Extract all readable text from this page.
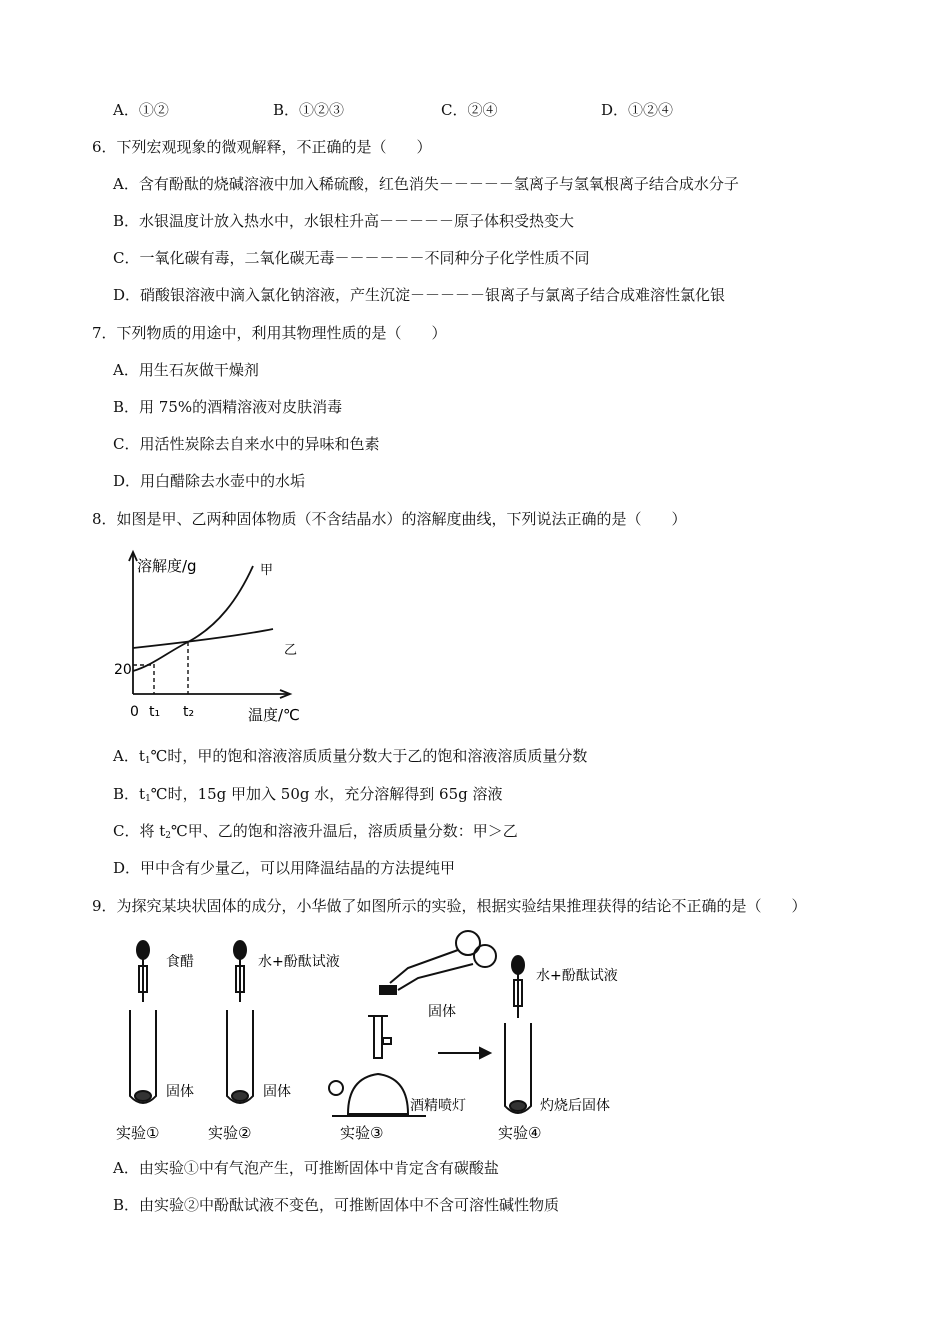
A．①②	B．①②③	C．②④	D．①②④
6．下列宏观现象的微观解释，不正确的是（　　）
A．含有酚酞的烧碱溶液中加入稀硫酸，红色消失－－－－－氢离子与氢氧根离子结合成水分子
B．水银温度计放入热水中，水银柱升高－－－－－原子体积受热变大
C．一氧化碳有毒，二氧化碳无毒－－－－－－不同种分子化学性质不同
D．硝酸银溶液中滴入氯化钠溶液，产生沉淀－－－－－银离子与氯离子结合成难溶性氯化银
7．下列物质的用途中，利用其物理性质的是（　　）
A．用生石灰做干燥剂
B．用 75%的酒精溶液对皮肤消毒
C．用活性炭除去自来水中的异味和色素
D．用白醋除去水壶中的水垢
8．如图是甲、乙两种固体物质（不含结晶水）的溶解度曲线，下列说法正确的是（　　）
溶解度/g	甲
乙
20
0 t₁ t₂	温度/℃
A．$t_1℃$时，甲的饱和溶液溶质质量分数大于乙的饱和溶液溶质质量分数
B．$t_1℃$时，15g 甲加入 50g 水，充分溶解得到 65g 溶液
C．将 $t_2℃$甲、乙的饱和溶液升温后，溶质质量分数：甲＞乙
D．甲中含有少量乙，可以用降温结晶的方法提纯甲
9．为探究某块状固体的成分，小华做了如图所示的实验，根据实验结果推理获得的结论不正确的是（　　）
食醋	水+酚酞试液
固体
水+酚酞试液
固体	固体
酒精喷灯	灼烧后固体
实验①	实验②	实验③	实验④
A．由实验①中有气泡产生，可推断固体中肯定含有碳酸盐
B．由实验②中酚酞试液不变色，可推断固体中不含可溶性碱性物质
